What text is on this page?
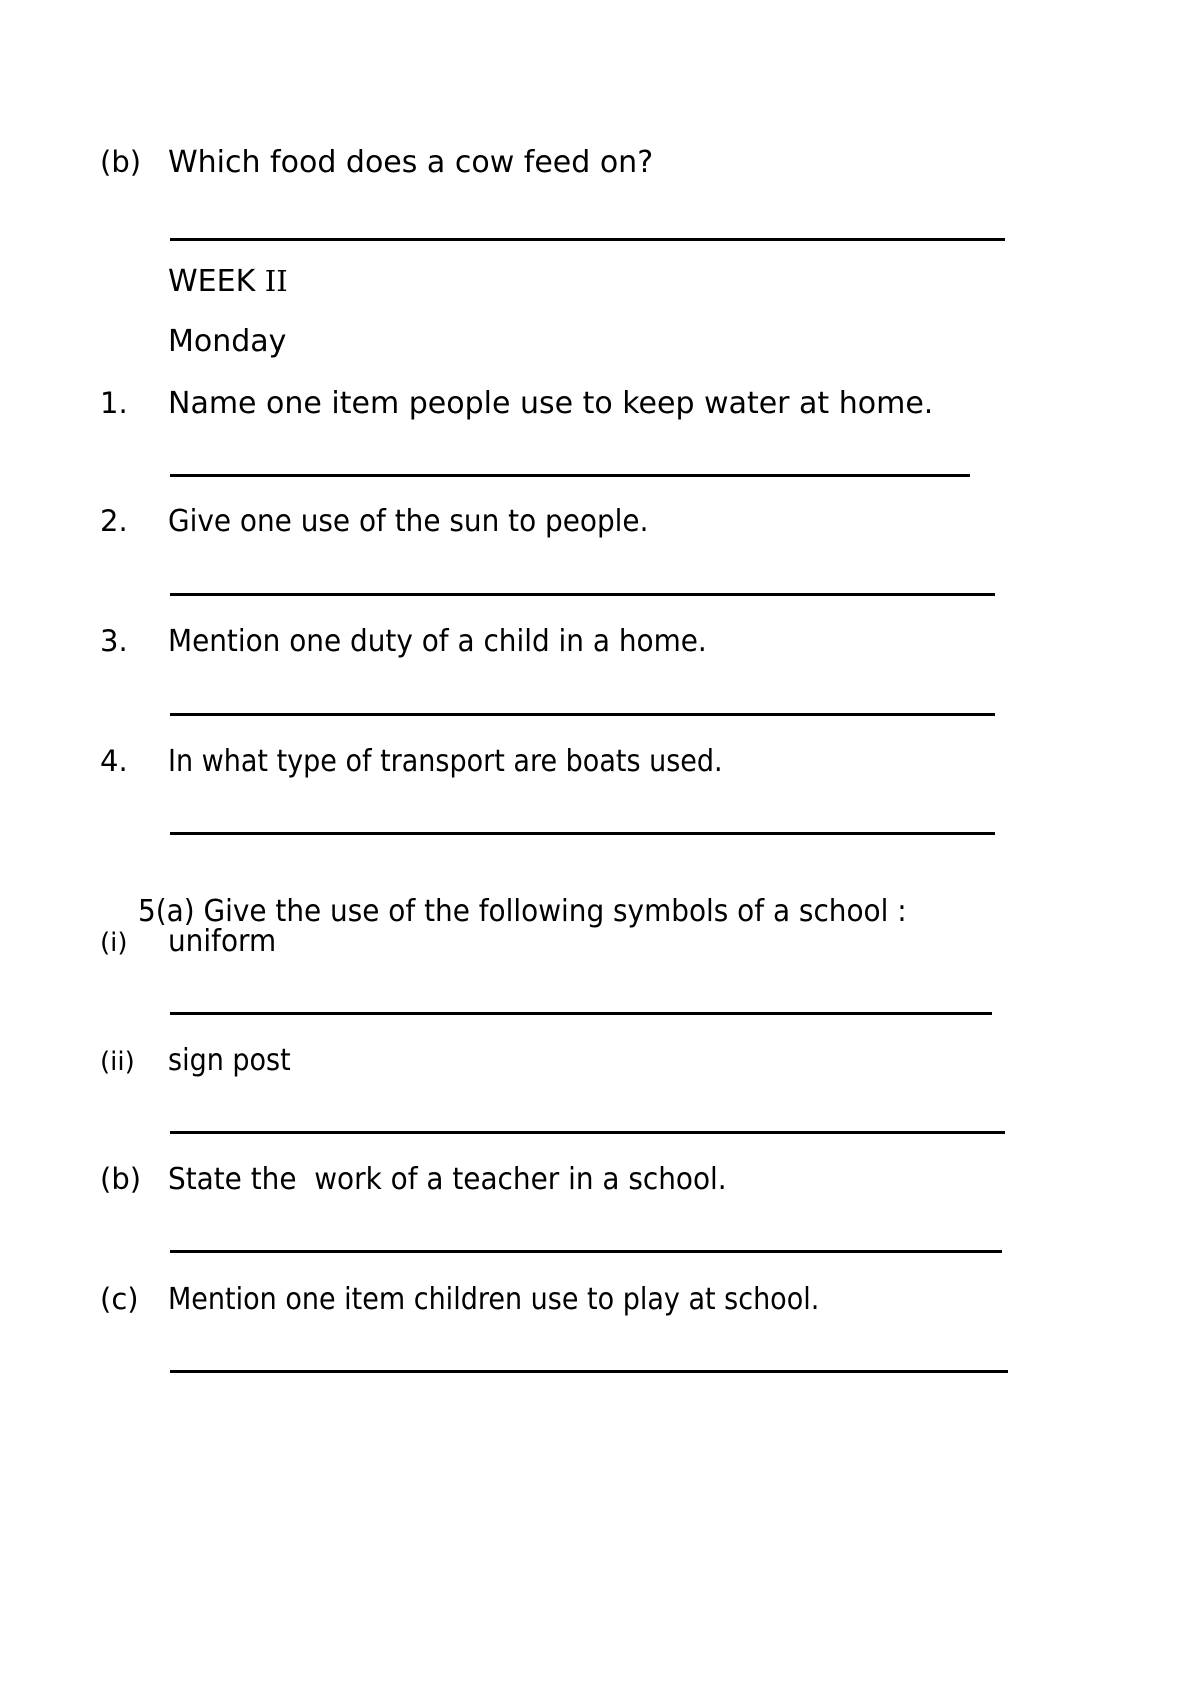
(b) Which food does a cow feed on?
WEEK II
Monday
1.	Name one item people use to keep water at home.
2.	Give one use of the sun to people.
3.	Mention one duty of a child in a home.
4.	In what type of transport are boats used.

5(a) Give the use of the following symbols of a school :

(i)	uniform
(ii)	sign post
(b) State the  work of a teacher in a school.
(c) Mention one item children use to play at school.
